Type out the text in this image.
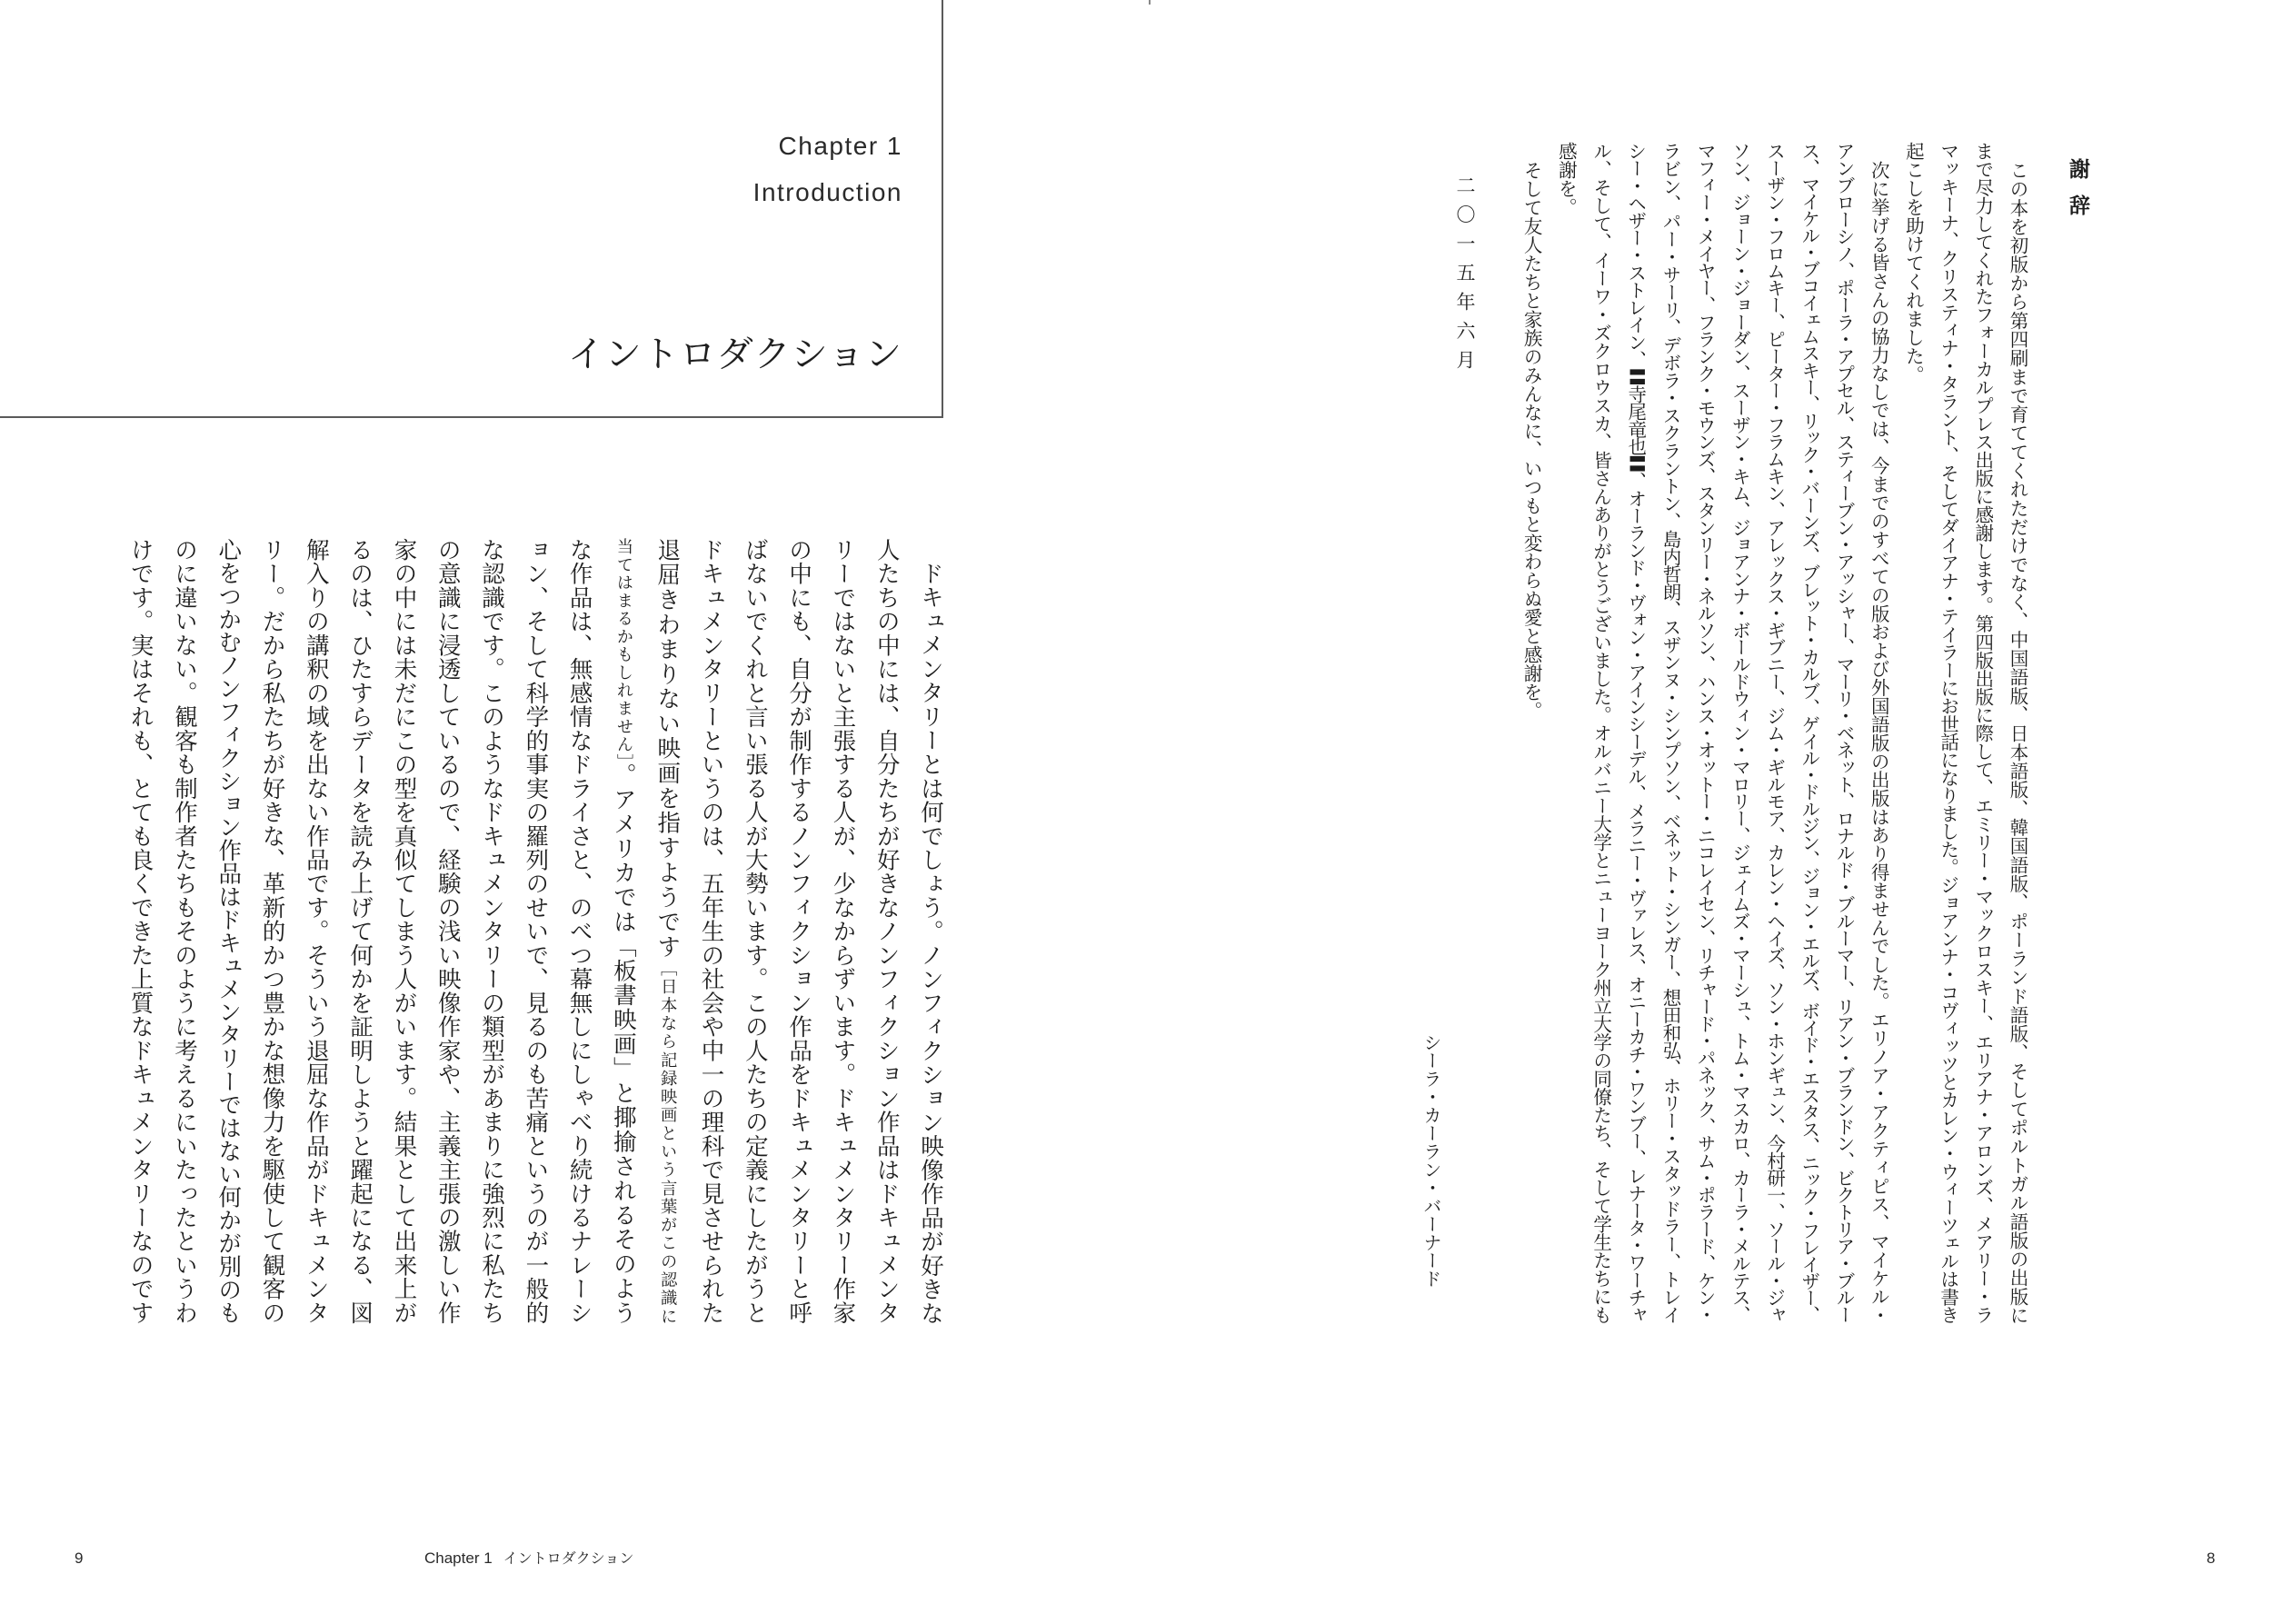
Chapter 1
Introduction
イントロダクション
ドキュメンタリーとは何でしょう。ノンフィクション映像作品が好きな
人たちの中には、自分たちが好きなノンフィクション作品はドキュメンタ
リーではないと主張する人が、少なからずいます。ドキュメンタリー作家
の中にも、自分が制作するノンフィクション作品をドキュメンタリーと呼
ばないでくれと言い張る人が大勢います。この人たちの定義にしたがうと
ドキュメンタリーというのは、五年生の社会や中一の理科で見させられた
退屈きわまりない映画を指すようです［日本なら記録映画という言葉がこの認識に
当てはまるかもしれません］。アメリカでは「板書映画」と揶揄されるそのよう
な作品は、無感情なドライさと、のべつ幕無しにしゃべり続けるナレーシ
ョン、そして科学的事実の羅列のせいで、見るのも苦痛というのが一般的
な認識です。このようなドキュメンタリーの類型があまりに強烈に私たち
の意識に浸透しているので、経験の浅い映像作家や、主義主張の激しい作
家の中には未だにこの型を真似てしまう人がいます。結果として出来上が
るのは、ひたすらデータを読み上げて何かを証明しようと躍起になる、図
解入りの講釈の域を出ない作品です。そういう退屈な作品がドキュメンタ
リー。だから私たちが好きな、革新的かつ豊かな想像力を駆使して観客の
心をつかむノンフィクション作品はドキュメンタリーではない何かが別のも
のに違いない。観客も制作者たちもそのように考えるにいたったというわ
けです。実はそれも、とても良くできた上質なドキュメンタリーなのです
9	Chapter 1 イントロダクション
謝辞
この本を初版から第四刷まで育ててくれただけでなく、中国語版、日本語版、韓国語版、ポーランド語版、そしてポルトガル語版の出版に
まで尽力してくれたフォーカルプレス出版に感謝します。第四版出版に際して、エミリー・マックロスキー、エリアナ・アロンズ、メアリー・ラ
マッキーナ、クリスティナ・タラント、そしてダイアナ・テイラーにお世話になりました。ジョアンナ・コヴィッツとカレン・ウィーツェルは書き
起こしを助けてくれました。
次に挙げる皆さんの協力なしでは、今までのすべての版および外国語版の出版はあり得ませんでした。エリノア・アクティピス、マイケル・
アンブローシノ、ポーラ・アプセル、スティーブン・アッシャー、マーリ・ベネット、ロナルド・ブルーマー、リアン・ブランドン、ビクトリア・ブルー
ス、マイケル・ブコイェムスキー、リック・バーンズ、ブレット・カルブ、ゲイル・ドルジン、ジョン・エルズ、ボイド・エスタス、ニック・フレイザー、
スーザン・フロムキー、ピーター・フラムキン、アレックス・ギブニー、ジム・ギルモア、カレン・ヘイズ、ソン・ホンギュン、今村研一、ソール・ジャ
ソン、ジョーン・ジョーダン、スーザン・キム、ジョアンナ・ボールドウィン・マロリー、ジェイムズ・マーシュ、トム・マスカロ、カーラ・メルテス、
マフィー・メイヤー、フランク・モウンズ、スタンリー・ネルソン、ハンス・オットー・ニコレイセン、リチャード・パネック、サム・ポラード、ケン・
ラビン、パー・サーリ、デボラ・スクラントン、島内哲朗、スザンヌ・シンプソン、ベネット・シンガー、想田和弘、ホリー・スタッドラー、トレイ
シー・ヘザー・ストレイン、〓寺尾竜也〓、オーランド・ヴォン・アインシーデル、メラニー・ヴァレス、オニーカチ・ワンブー、レナータ・ワーチャ
ル、そして、イーワ・ズクロウスカ、皆さんありがとうございました。オルバニー大学とニューヨーク州立大学の同僚たち、そして学生たちにも
感謝を。
そして友人たちと家族のみんなに、いつもと変わらぬ愛と感謝を。
二〇一五年六月
シーラ・カーラン・バーナード
8
